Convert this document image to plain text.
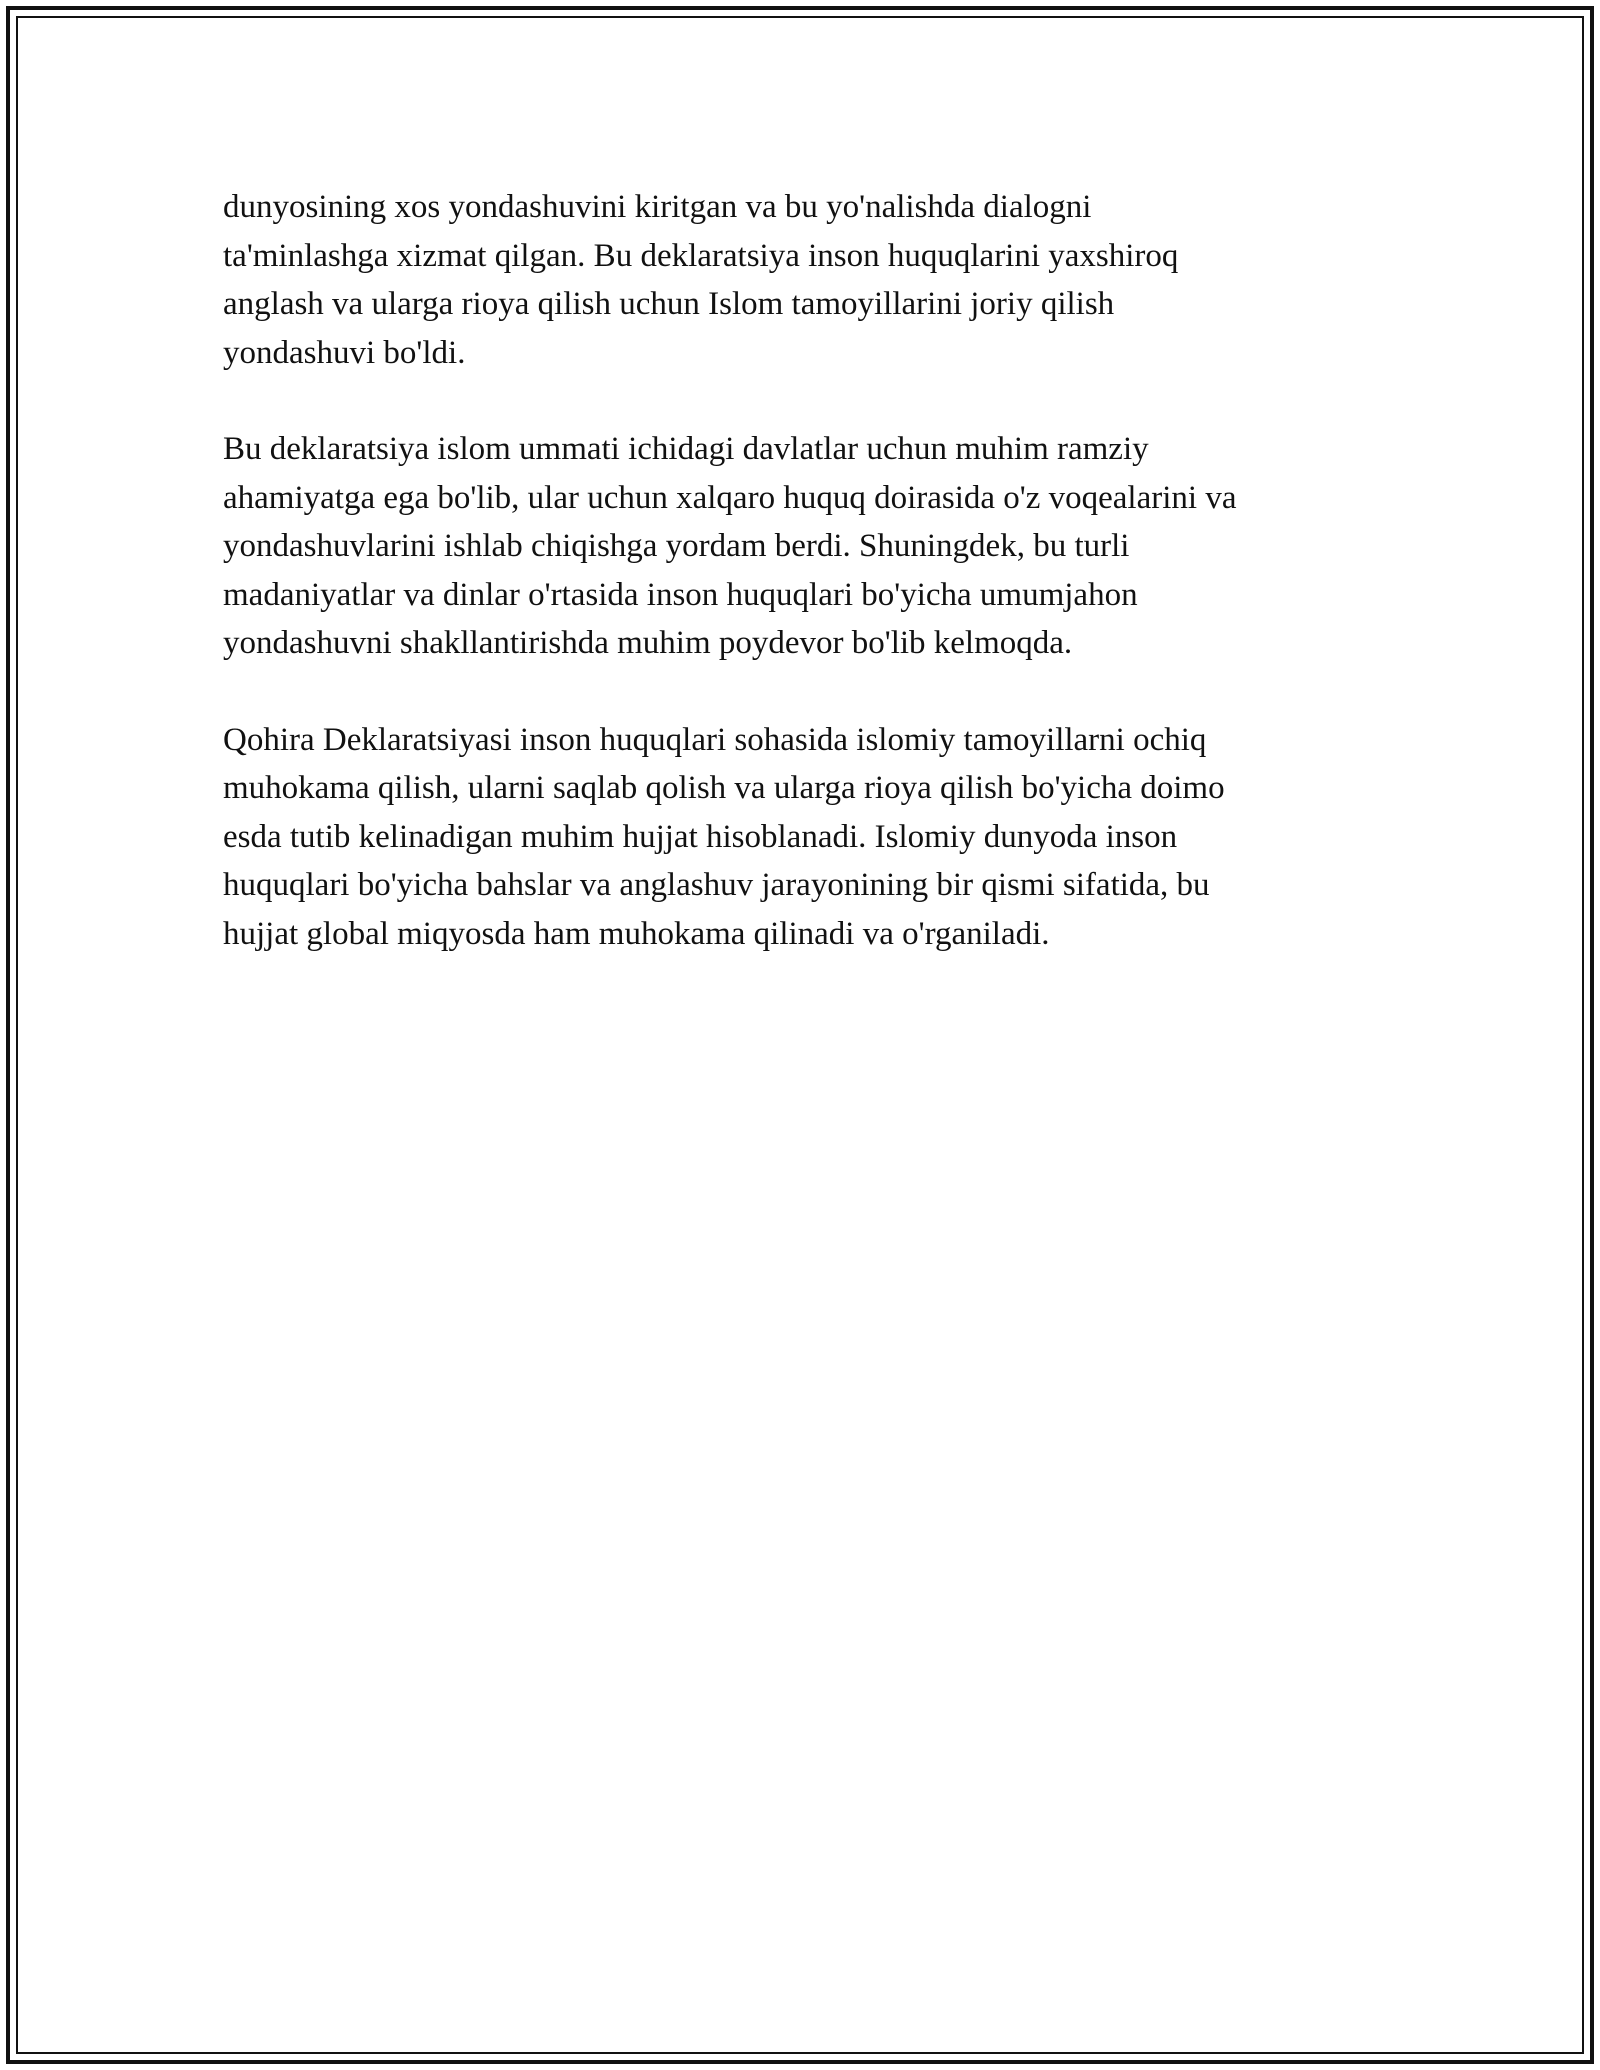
dunyosining xos yondashuvini kiritgan va bu yo'nalishda dialogni
ta'minlashga xizmat qilgan. Bu deklaratsiya inson huquqlarini yaxshiroq
anglash va ularga rioya qilish uchun Islom tamoyillarini joriy qilish
yondashuvi bo'ldi.

Bu deklaratsiya islom ummati ichidagi davlatlar uchun muhim ramziy
ahamiyatga ega bo'lib, ular uchun xalqaro huquq doirasida o'z voqealarini va
yondashuvlarini ishlab chiqishga yordam berdi. Shuningdek, bu turli
madaniyatlar va dinlar o'rtasida inson huquqlari bo'yicha umumjahon
yondashuvni shakllantirishda muhim poydevor bo'lib kelmoqda.

Qohira Deklaratsiyasi inson huquqlari sohasida islomiy tamoyillarni ochiq
muhokama qilish, ularni saqlab qolish va ularga rioya qilish bo'yicha doimo
esda tutib kelinadigan muhim hujjat hisoblanadi. Islomiy dunyoda inson
huquqlari bo'yicha bahslar va anglashuv jarayonining bir qismi sifatida, bu
hujjat global miqyosda ham muhokama qilinadi va o'rganiladi.
